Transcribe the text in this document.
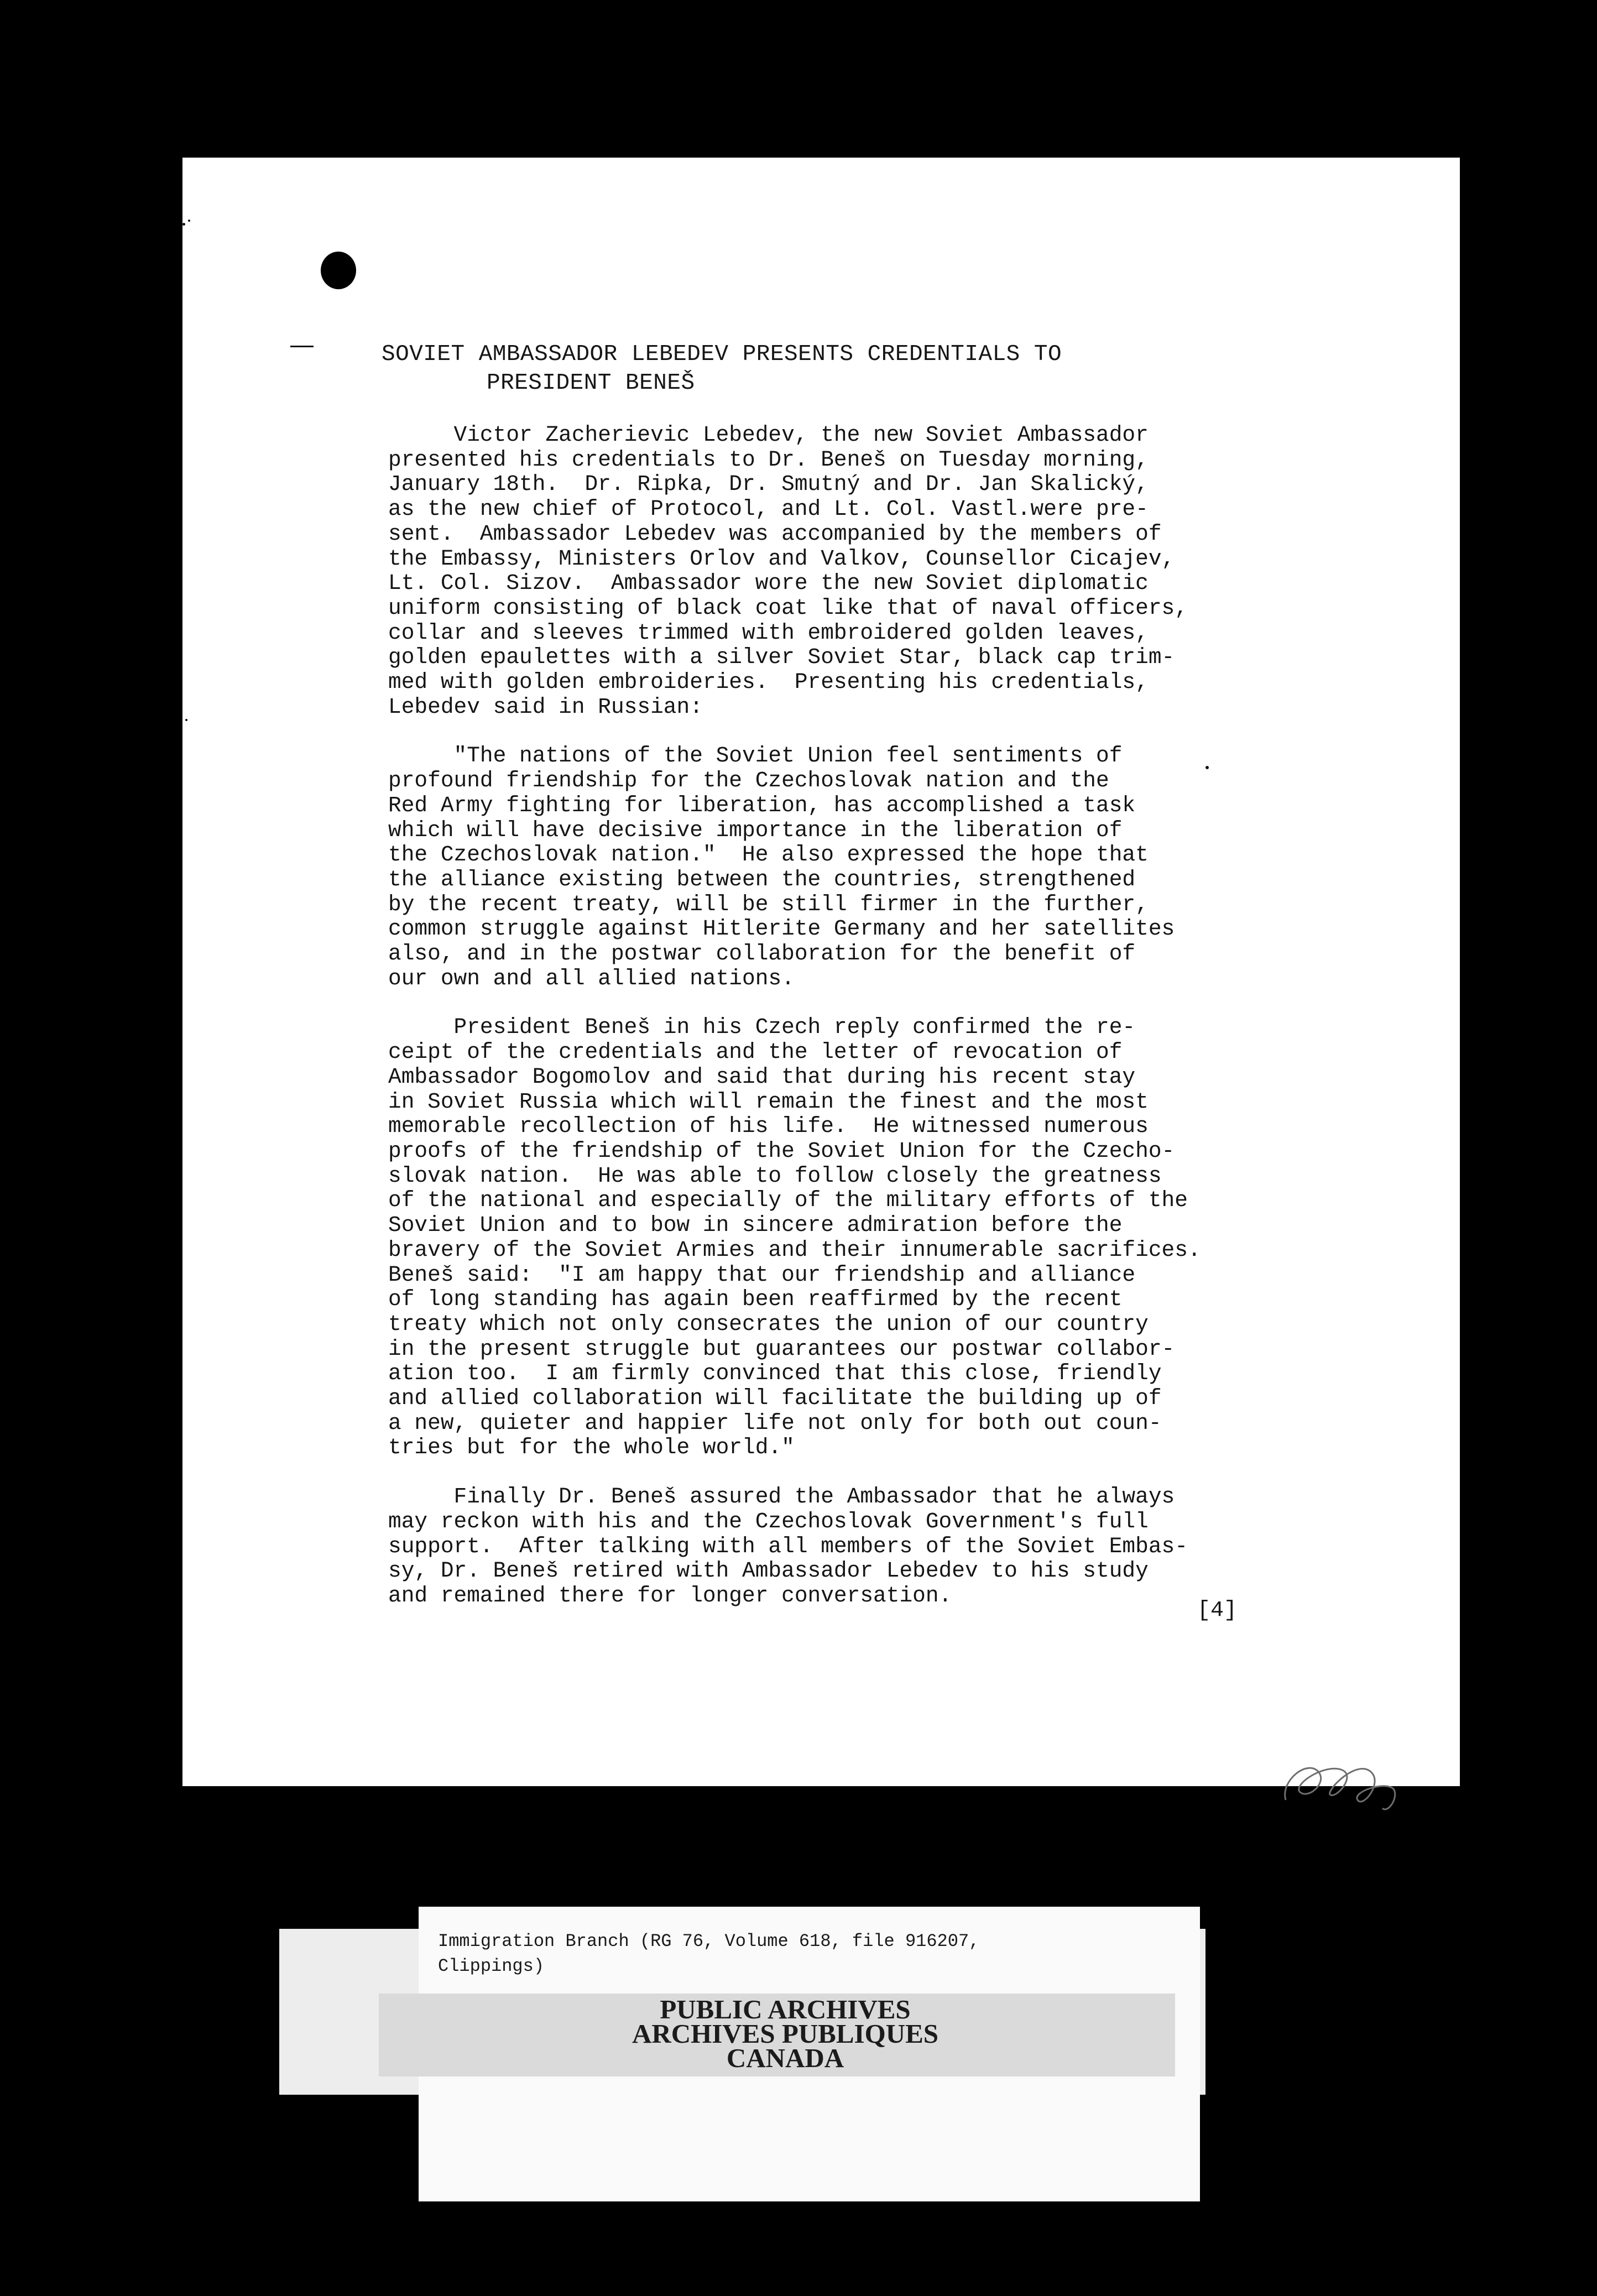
SOVIET AMBASSADOR LEBEDEV PRESENTS CREDENTIALS TO
PRESIDENT BENEŠ
Victor Zacherievic Lebedev, the new Soviet Ambassador
presented his credentials to Dr. Beneš on Tuesday morning,
January 18th.  Dr. Ripka, Dr. Smutný and Dr. Jan Skalický,
as the new chief of Protocol, and Lt. Col. Vastl.were pre-
sent.  Ambassador Lebedev was accompanied by the members of
the Embassy, Ministers Orlov and Valkov, Counsellor Cicajev,
Lt. Col. Sizov.  Ambassador wore the new Soviet diplomatic
uniform consisting of black coat like that of naval officers,
collar and sleeves trimmed with embroidered golden leaves,
golden epaulettes with a silver Soviet Star, black cap trim-
med with golden embroideries.  Presenting his credentials,
Lebedev said in Russian:
"The nations of the Soviet Union feel sentiments of
profound friendship for the Czechoslovak nation and the
Red Army fighting for liberation, has accomplished a task
which will have decisive importance in the liberation of
the Czechoslovak nation."  He also expressed the hope that
the alliance existing between the countries, strengthened
by the recent treaty, will be still firmer in the further,
common struggle against Hitlerite Germany and her satellites
also, and in the postwar collaboration for the benefit of
our own and all allied nations.
President Beneš in his Czech reply confirmed the re-
ceipt of the credentials and the letter of revocation of
Ambassador Bogomolov and said that during his recent stay
in Soviet Russia which will remain the finest and the most
memorable recollection of his life.  He witnessed numerous
proofs of the friendship of the Soviet Union for the Czecho-
slovak nation.  He was able to follow closely the greatness
of the national and especially of the military efforts of the
Soviet Union and to bow in sincere admiration before the
bravery of the Soviet Armies and their innumerable sacrifices.
Beneš said:  "I am happy that our friendship and alliance
of long standing has again been reaffirmed by the recent
treaty which not only consecrates the union of our country
in the present struggle but guarantees our postwar collabor-
ation too.  I am firmly convinced that this close, friendly
and allied collaboration will facilitate the building up of
a new, quieter and happier life not only for both out coun-
tries but for the whole world."
Finally Dr. Beneš assured the Ambassador that he always
may reckon with his and the Czechoslovak Government's full
support.  After talking with all members of the Soviet Embas-
sy, Dr. Beneš retired with Ambassador Lebedev to his study
and remained there for longer conversation.
[4]

Immigration Branch (RG 76, Volume 618, file 916207,
Clippings)

PUBLIC ARCHIVES
ARCHIVES PUBLIQUES
CANADA
